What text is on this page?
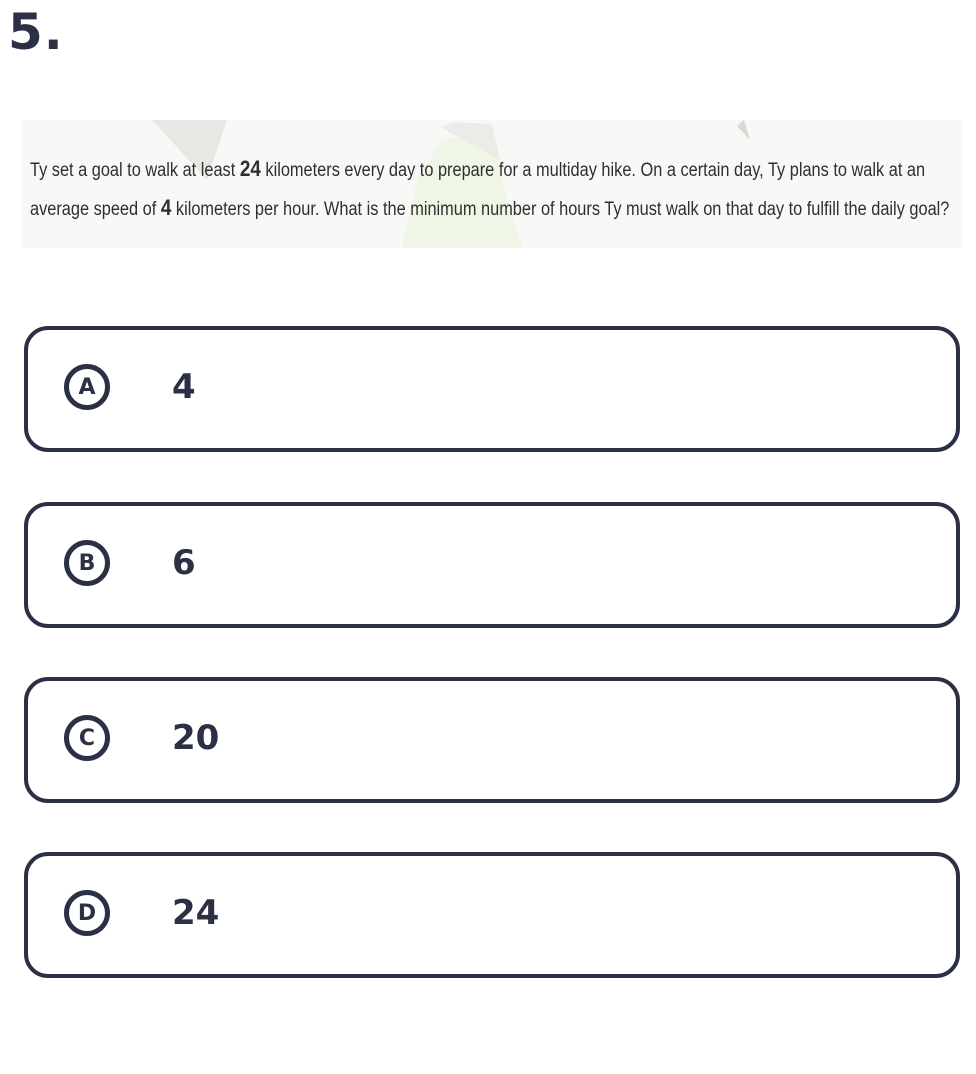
5.
Ty set a goal to walk at least 24 kilometers every day to prepare for a multiday hike. On a certain day, Ty plans to walk at an average speed of 4 kilometers per hour. What is the minimum number of hours Ty must walk on that day to fulfill the daily goal?
A	4
B	6
C	20
D	24
